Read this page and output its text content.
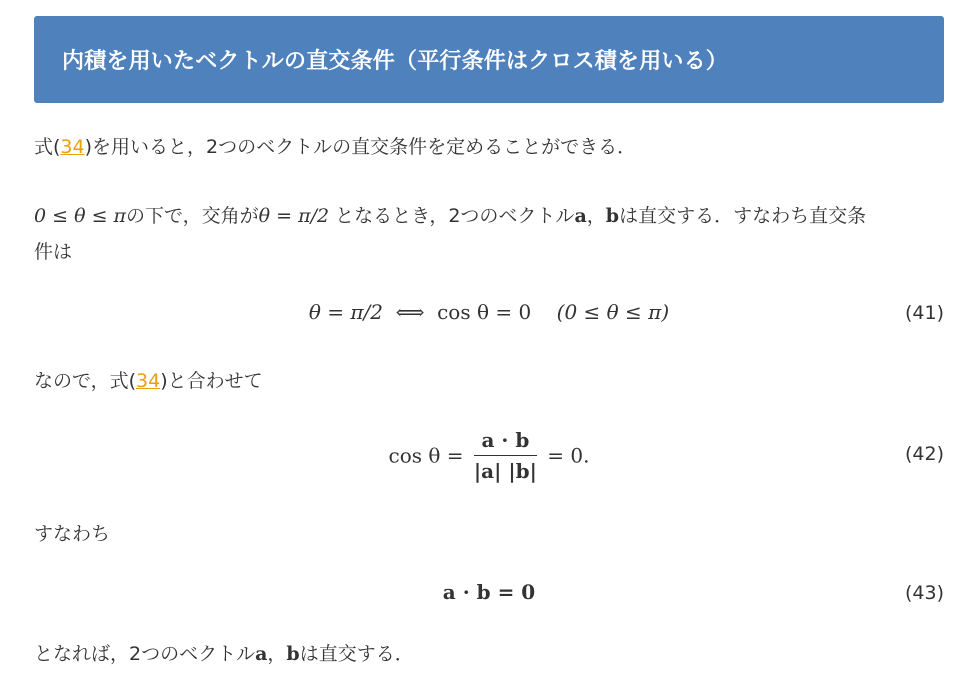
内積を用いたベクトルの直交条件（平行条件はクロス積を用いる）
式(34)を用いると，2つのベクトルの直交条件を定めることができる．
0 ≤ θ ≤ πの下で，交角がθ = π/2 となるとき，2つのベクトルa，bは直交する．すなわち直交条
件は
θ = π/2 ⟺ cos θ = 0 (0 ≤ θ ≤ π)	(41)
なので，式(34)と合わせて
$\cos \theta = \frac{a \cdot b}{|a| |b|} = 0$.	(42)
すなわち
a · b = 0	(43)
となれば，2つのベクトルa，bは直交する．
